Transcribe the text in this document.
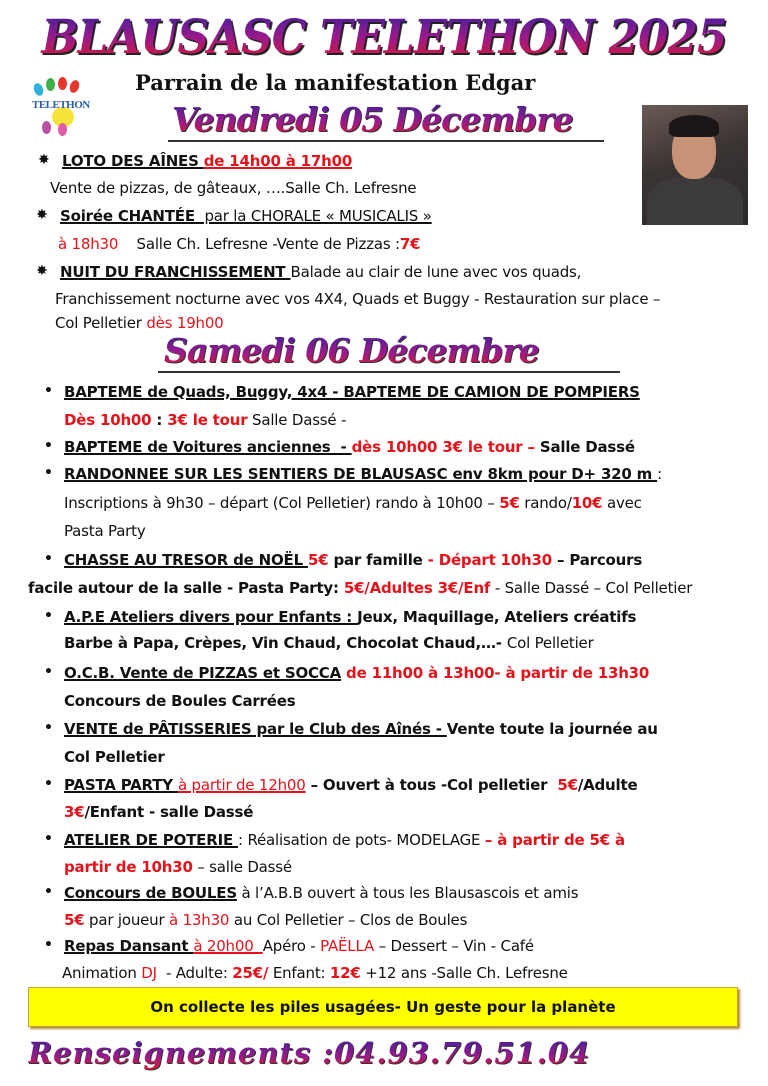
BLAUSASC TELETHON 2025
TELETHON
Parrain de la manifestation Edgar
Vendredi 05 Décembre
Samedi 06 Décembre
✸ LOTO DES AÎNES de 14h00 à 17h00
Vente de pizzas, de gâteaux, ….Salle Ch. Lefresne
✸ Soirée CHANTÉE  par la CHORALE « MUSICALIS »
à 18h30    Salle Ch. Lefresne -Vente de Pizzas :7€
✸ NUIT DU FRANCHISSEMENT Balade au clair de lune avec vos quads,
Franchissement nocturne avec vos 4X4, Quads et Buggy - Restauration sur place –
Col Pelletier dès 19h00
• BAPTEME de Quads, Buggy, 4x4 - BAPTEME DE CAMION DE POMPIERS
Dès 10h00 : 3€ le tour Salle Dassé -
• BAPTEME de Voitures anciennes  - dès 10h00 3€ le tour – Salle Dassé
• RANDONNEE SUR LES SENTIERS DE BLAUSASC env 8km pour D+ 320 m :
Inscriptions à 9h30 – départ (Col Pelletier) rando à 10h00 – 5€ rando/10€ avec
Pasta Party
• CHASSE AU TRESOR de NOËL 5€ par famille - Départ 10h30 – Parcours
facile autour de la salle - Pasta Party: 5€/Adultes 3€/Enf - Salle Dassé – Col Pelletier
• A.P.E Ateliers divers pour Enfants : Jeux, Maquillage, Ateliers créatifs
Barbe à Papa, Crèpes, Vin Chaud, Chocolat Chaud,…- Col Pelletier
• O.C.B. Vente de PIZZAS et SOCCA de 11h00 à 13h00- à partir de 13h30
Concours de Boules Carrées
• VENTE de PÂTISSERIES par le Club des Aînés - Vente toute la journée au
Col Pelletier
• PASTA PARTY à partir de 12h00 – Ouvert à tous -Col pelletier  5€/Adulte
3€/Enfant - salle Dassé
• ATELIER DE POTERIE : Réalisation de pots- MODELAGE – à partir de 5€ à
partir de 10h30 – salle Dassé
• Concours de BOULES à l’A.B.B ouvert à tous les Blausascois et amis
5€ par joueur à 13h30 au Col Pelletier – Clos de Boules
• Repas Dansant à 20h00  Apéro - PAËLLA – Dessert – Vin - Café
Animation DJ  - Adulte: 25€/ Enfant: 12€ +12 ans -Salle Ch. Lefresne
On collecte les piles usagées- Un geste pour la planète
Renseignements :04.93.79.51.04
